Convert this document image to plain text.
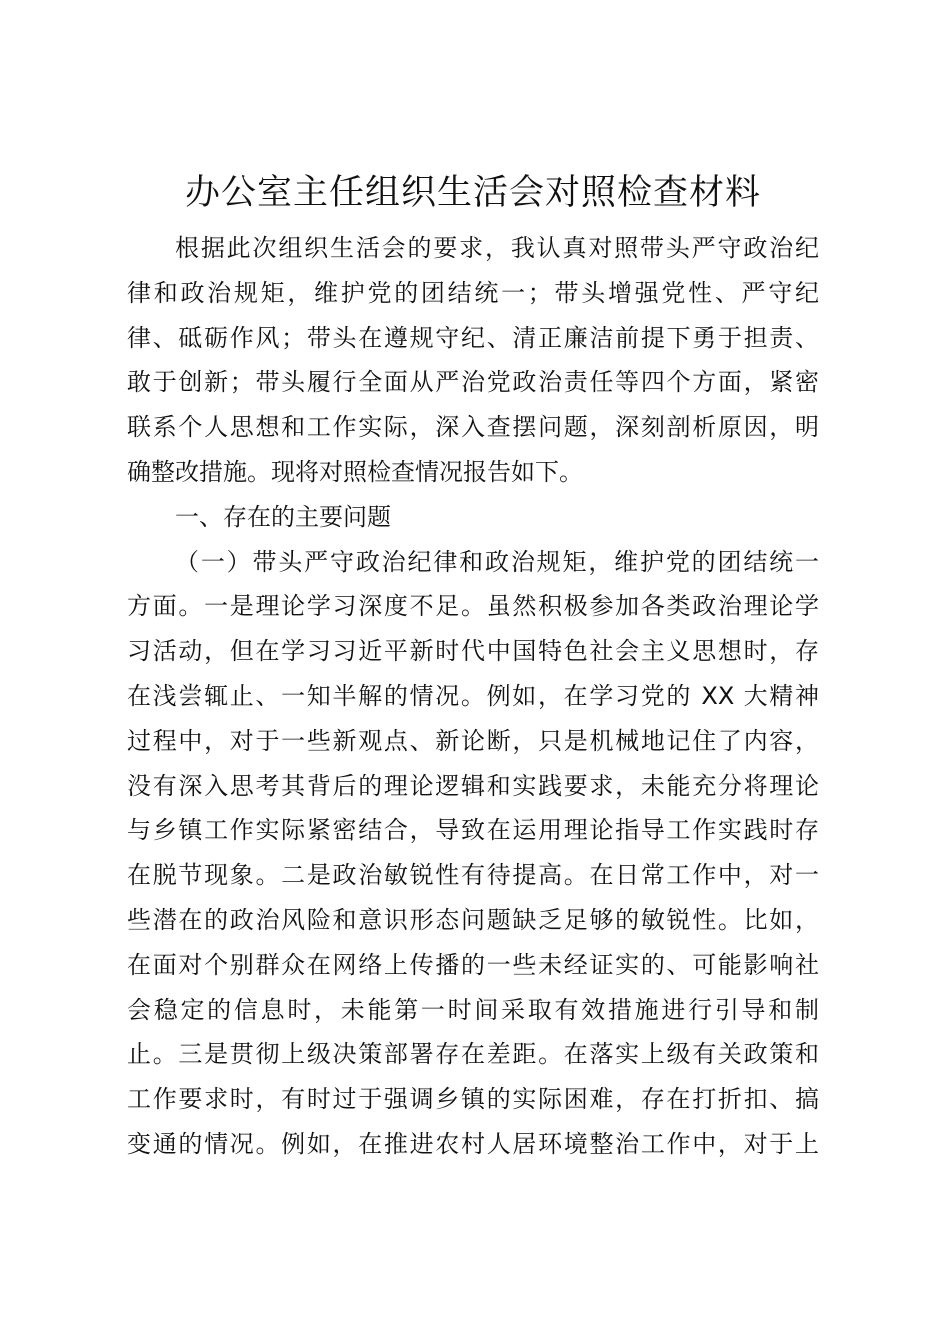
办公室主任组织生活会对照检查材料
根据此次组织生活会的要求，我认真对照带头严守政治纪
律和政治规矩，维护党的团结统一；带头增强党性、严守纪
律、砥砺作风；带头在遵规守纪、清正廉洁前提下勇于担责、
敢于创新；带头履行全面从严治党政治责任等四个方面，紧密
联系个人思想和工作实际，深入查摆问题，深刻剖析原因，明
确整改措施。现将对照检查情况报告如下。
一、存在的主要问题
（一）带头严守政治纪律和政治规矩，维护党的团结统一
方面。一是理论学习深度不足。虽然积极参加各类政治理论学
习活动，但在学习习近平新时代中国特色社会主义思想时，存
在浅尝辄止、一知半解的情况。例如，在学习党的 XX 大精神
过程中，对于一些新观点、新论断，只是机械地记住了内容，
没有深入思考其背后的理论逻辑和实践要求，未能充分将理论
与乡镇工作实际紧密结合，导致在运用理论指导工作实践时存
在脱节现象。二是政治敏锐性有待提高。在日常工作中，对一
些潜在的政治风险和意识形态问题缺乏足够的敏锐性。比如，
在面对个别群众在网络上传播的一些未经证实的、可能影响社
会稳定的信息时，未能第一时间采取有效措施进行引导和制
止。三是贯彻上级决策部署存在差距。在落实上级有关政策和
工作要求时，有时过于强调乡镇的实际困难，存在打折扣、搞
变通的情况。例如，在推进农村人居环境整治工作中，对于上
